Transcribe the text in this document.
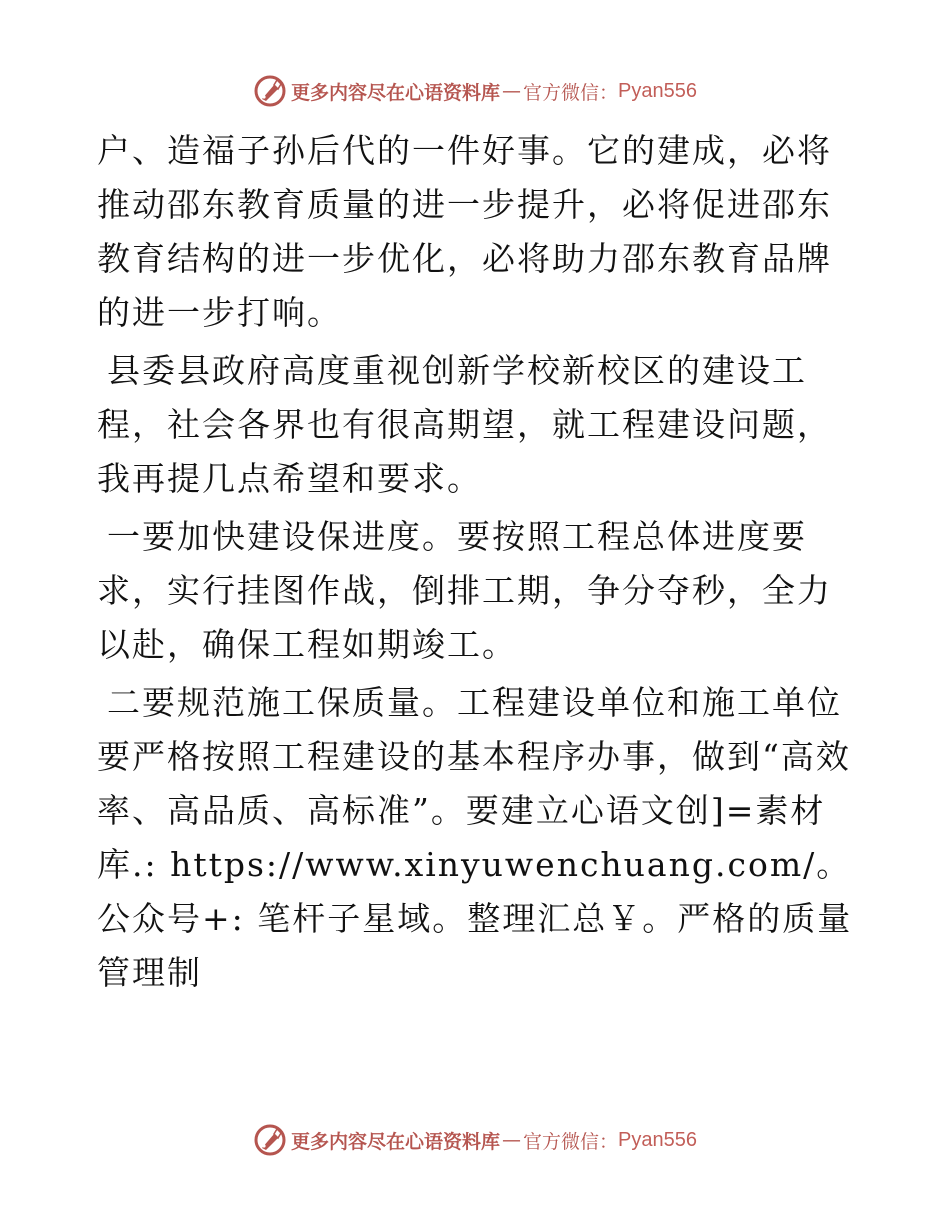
更多内容尽在心语资料库 — 官方微信： Pyan556

户、造福子孙后代的一件好事。它的建成，必将推动邵东教育质量的进一步提升，必将促进邵东教育结构的进一步优化，必将助力邵东教育品牌的进一步打响。

县委县政府高度重视创新学校新校区的建设工程，社会各界也有很高期望，就工程建设问题，我再提几点希望和要求。

一要加快建设保进度。要按照工程总体进度要求，实行挂图作战，倒排工期，争分夺秒，全力以赴，确保工程如期竣工。

二要规范施工保质量。工程建设单位和施工单位要严格按照工程建设的基本程序办事，做到“高效率、高品质、高标准”。要建立心语文创]=素材库.: https://www.xinyuwenchuang.com/。公众号+: 笔杆子星域。整理汇总￥。严格的质量管理制

更多内容尽在心语资料库 — 官方微信： Pyan556
